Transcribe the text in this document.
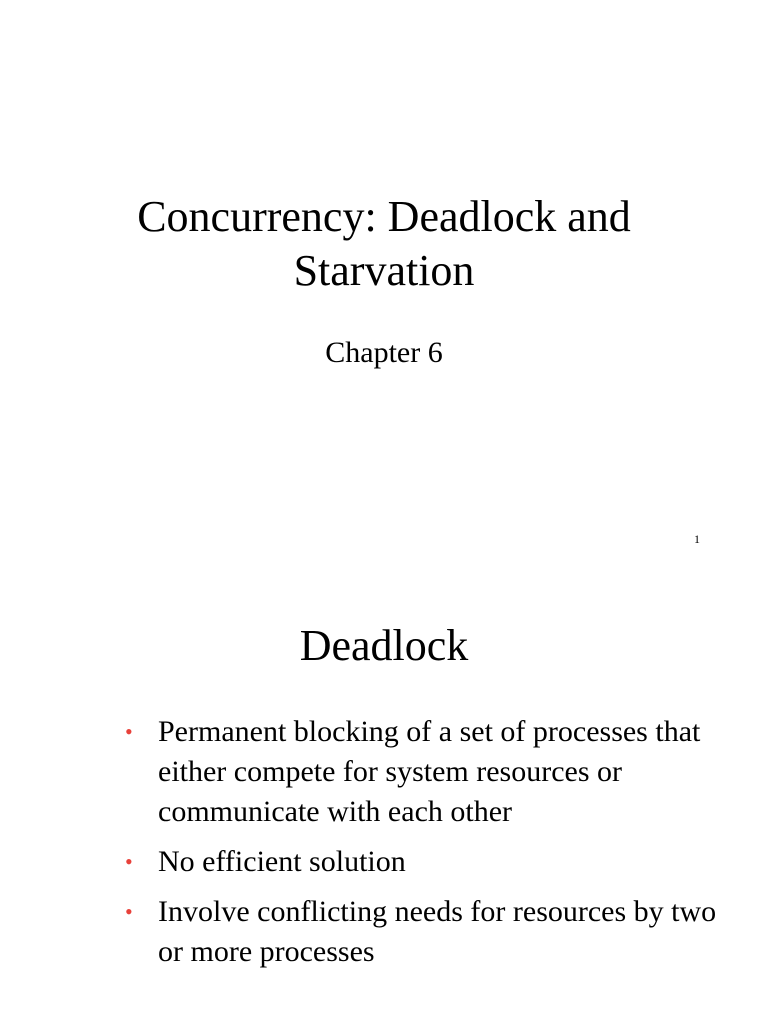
Concurrency: Deadlock and
Starvation
Chapter 6
1
Deadlock
• Permanent blocking of a set of processes that either compete for system resources or communicate with each other
• No efficient solution
• Involve conflicting needs for resources by two or more processes
